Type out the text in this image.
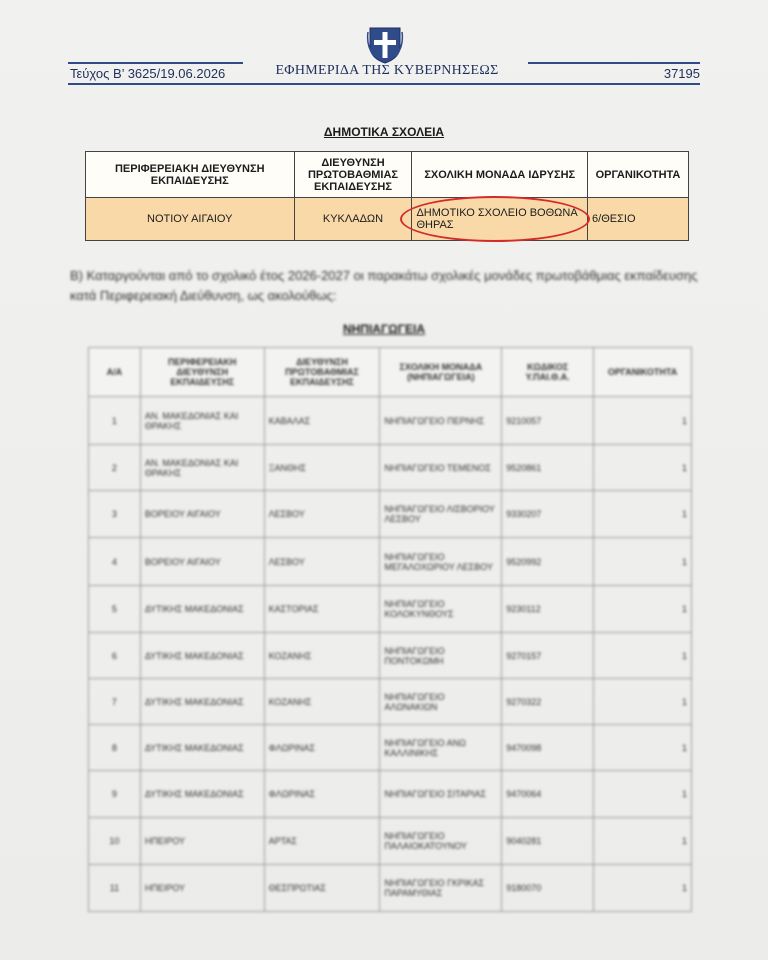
Τεύχος Β’ 3625/19.06.2026	ΕΦΗΜΕΡΙΔΑ ΤΗΣ ΚΥΒΕΡΝΗΣΕΩΣ	37195
ΔΗΜΟΤΙΚΑ ΣΧΟΛΕΙΑ
ΠΕΡΙΦΕΡΕΙΑΚΗ ΔΙΕΥΘΥΝΣΗ ΕΚΠΑΙΔΕΥΣΗΣ	ΔΙΕΥΘΥΝΣΗ ΠΡΩΤΟΒΑΘΜΙΑΣ ΕΚΠΑΙΔΕΥΣΗΣ	ΣΧΟΛΙΚΗ ΜΟΝΑΔΑ ΙΔΡΥΣΗΣ	ΟΡΓΑΝΙΚΟΤΗΤΑ
ΝΟΤΙΟΥ ΑΙΓΑΙΟΥ	ΚΥΚΛΑΔΩΝ	ΔΗΜΟΤΙΚΟ ΣΧΟΛΕΙΟ ΒΟΘΩΝΑ ΘΗΡΑΣ	6/ΘΕΣΙΟ
Β) Καταργούνται από το σχολικό έτος 2026-2027 οι παρακάτω σχολικές μονάδες πρωτοβάθμιας εκπαίδευσης κατά Περιφερειακή Διεύθυνση, ως ακολούθως:
ΝΗΠΙΑΓΩΓΕΙΑ
Α/Α	ΠΕΡΙΦΕΡΕΙΑΚΗ ΔΙΕΥΘΥΝΣΗ ΕΚΠΑΙΔΕΥΣΗΣ	ΔΙΕΥΘΥΝΣΗ ΠΡΩΤΟΒΑΘΜΙΑΣ ΕΚΠΑΙΔΕΥΣΗΣ	ΣΧΟΛΙΚΗ ΜΟΝΑΔΑ (ΝΗΠΙΑΓΩΓΕΙΑ)	ΚΩΔΙΚΟΣ Υ.ΠΑΙ.Θ.Α.	ΟΡΓΑΝΙΚΟΤΗΤΑ
1	ΑΝ. ΜΑΚΕΔΟΝΙΑΣ ΚΑΙ ΘΡΑΚΗΣ	ΚΑΒΑΛΑΣ	ΝΗΠΙΑΓΩΓΕΙΟ ΠΕΡΝΗΣ	9210057	1
2	ΑΝ. ΜΑΚΕΔΟΝΙΑΣ ΚΑΙ ΘΡΑΚΗΣ	ΞΑΝΘΗΣ	ΝΗΠΙΑΓΩΓΕΙΟ ΤΕΜΕΝΟΣ	9520861	1
3	ΒΟΡΕΙΟΥ ΑΙΓΑΙΟΥ	ΛΕΣΒΟΥ	ΝΗΠΙΑΓΩΓΕΙΟ ΛΙΣΒΟΡΙΟΥ ΛΕΣΒΟΥ	9330207	1
4	ΒΟΡΕΙΟΥ ΑΙΓΑΙΟΥ	ΛΕΣΒΟΥ	ΝΗΠΙΑΓΩΓΕΙΟ ΜΕΓΑΛΟΧΩΡΙΟΥ ΛΕΣΒΟΥ	9520992	1
5	ΔΥΤΙΚΗΣ ΜΑΚΕΔΟΝΙΑΣ	ΚΑΣΤΟΡΙΑΣ	ΝΗΠΙΑΓΩΓΕΙΟ ΚΟΛΟΚΥΝΘΟΥΣ	9230112	1
6	ΔΥΤΙΚΗΣ ΜΑΚΕΔΟΝΙΑΣ	ΚΟΖΑΝΗΣ	ΝΗΠΙΑΓΩΓΕΙΟ ΠΟΝΤΟΚΩΜΗ	9270157	1
7	ΔΥΤΙΚΗΣ ΜΑΚΕΔΟΝΙΑΣ	ΚΟΖΑΝΗΣ	ΝΗΠΙΑΓΩΓΕΙΟ ΑΛΩΝΑΚΙΩΝ	9270322	1
8	ΔΥΤΙΚΗΣ ΜΑΚΕΔΟΝΙΑΣ	ΦΛΩΡΙΝΑΣ	ΝΗΠΙΑΓΩΓΕΙΟ ΑΝΩ ΚΑΛΛΙΝΙΚΗΣ	9470098	1
9	ΔΥΤΙΚΗΣ ΜΑΚΕΔΟΝΙΑΣ	ΦΛΩΡΙΝΑΣ	ΝΗΠΙΑΓΩΓΕΙΟ ΣΙΤΑΡΙΑΣ	9470064	1
10	ΗΠΕΙΡΟΥ	ΑΡΤΑΣ	ΝΗΠΙΑΓΩΓΕΙΟ ΠΑΛΑΙΟΚΑΤΟΥΝΟΥ	9040281	1
11	ΗΠΕΙΡΟΥ	ΘΕΣΠΡΩΤΙΑΣ	ΝΗΠΙΑΓΩΓΕΙΟ ΓΚΡΙΚΑΣ ΠΑΡΑΜΥΘΙΑΣ	9180070	1
